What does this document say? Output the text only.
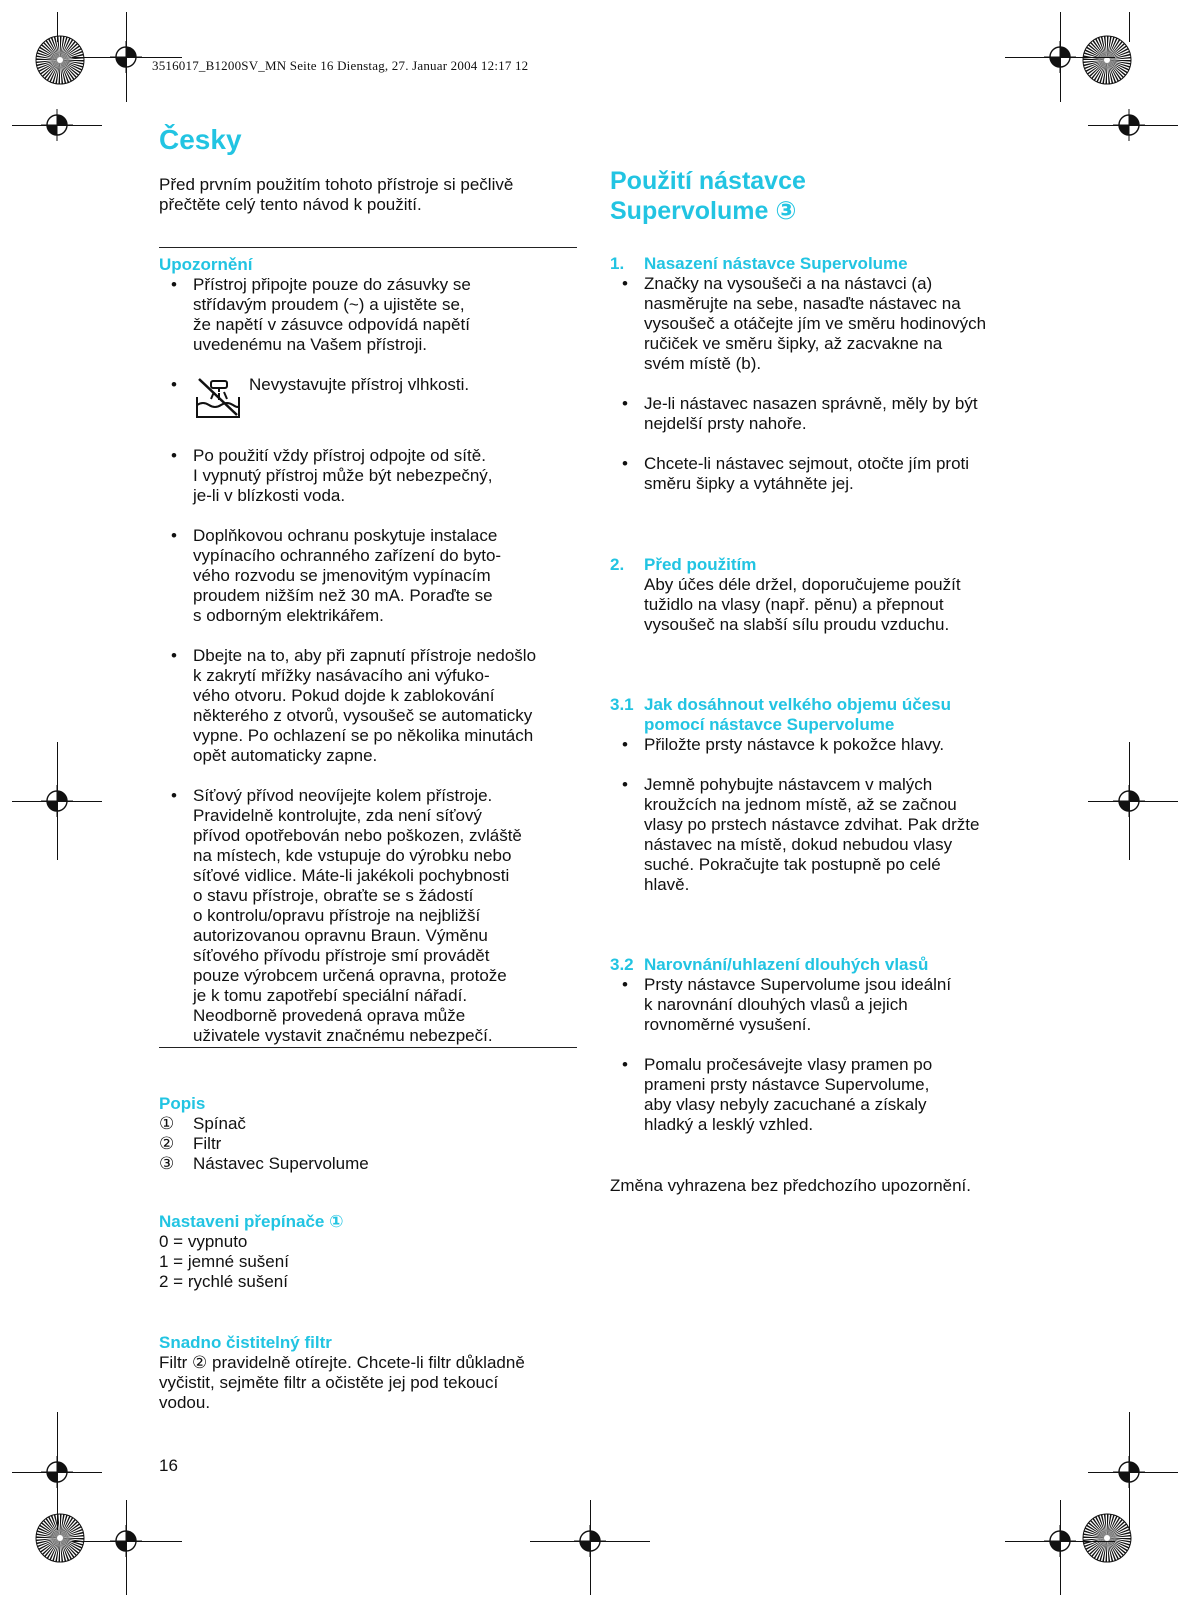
3516017_B1200SV_MN Seite 16 Dienstag, 27. Januar 2004 12:17 12
Česky
Před prvním použitím tohoto přístroje si pečlivě
přečtěte celý tento návod k použití.
Upozornění
• Přístroj připojte pouze do zásuvky se
střídavým proudem (~) a ujistěte se,
že napětí v zásuvce odpovídá napětí
uvedenému na Vašem přístroji.
• Nevystavujte přístroj vlhkosti.
• Po použití vždy přístroj odpojte od sítě.
I vypnutý přístroj může být nebezpečný,
je-li v blízkosti voda.
• Doplňkovou ochranu poskytuje instalace
vypínacího ochranného zařízení do byto-
vého rozvodu se jmenovitým vypínacím
proudem nižším než 30 mA. Poraďte se
s odborným elektrikářem.
• Dbejte na to, aby při zapnutí přístroje nedošlo
k zakrytí mřížky nasávacího ani výfuko-
vého otvoru. Pokud dojde k zablokování
některého z otvorů, vysoušeč se automaticky
vypne. Po ochlazení se po několika minutách
opět automaticky zapne.
• Síťový přívod neovíjejte kolem přístroje.
Pravidelně kontrolujte, zda není síťový
přívod opotřebován nebo poškozen, zvláště
na místech, kde vstupuje do výrobku nebo
síťové vidlice. Máte-li jakékoli pochybnosti
o stavu přístroje, obraťte se s žádostí
o kontrolu/opravu přístroje na nejbližší
autorizovanou opravnu Braun. Výměnu
síťového přívodu přístroje smí provádět
pouze výrobcem určená opravna, protože
je k tomu zapotřebí speciální nářadí.
Neodborně provedená oprava může
uživatele vystavit značnému nebezpečí.
Popis
①	Spínač
②	Filtr
③	Nástavec Supervolume
Nastaveni přepínače ①
0 = vypnuto
1 = jemné sušení
2 = rychlé sušení
Snadno čistitelný filtr
Filtr ② pravidelně otírejte. Chcete-li filtr důkladně
vyčistit, sejměte filtr a očistěte jej pod tekoucí
vodou.
16
Použití nástavce
Supervolume ③
1. Nasazení nástavce Supervolume
• Značky na vysoušeči a na nástavci (a)
nasměrujte na sebe, nasaďte nástavec na
vysoušeč a otáčejte jím ve směru hodinových
ručiček ve směru šipky, až zacvakne na
svém místě (b).
• Je-li nástavec nasazen správně, měly by být
nejdelší prsty nahoře.
• Chcete-li nástavec sejmout, otočte jím proti
směru šipky a vytáhněte jej.
2. Před použitím
Aby účes déle držel, doporučujeme použít
tužidlo na vlasy (např. pěnu) a přepnout
vysoušeč na slabší sílu proudu vzduchu.
3.1 Jak dosáhnout velkého objemu účesu
pomocí nástavce Supervolume
• Přiložte prsty nástavce k pokožce hlavy.
• Jemně pohybujte nástavcem v malých
kroužcích na jednom místě, až se začnou
vlasy po prstech nástavce zdvihat. Pak držte
nástavec na místě, dokud nebudou vlasy
suché. Pokračujte tak postupně po celé
hlavě.
3.2 Narovnání/uhlazení dlouhých vlasů
• Prsty nástavce Supervolume jsou ideální
k narovnání dlouhých vlasů a jejich
rovnoměrné vysušení.
• Pomalu pročesávejte vlasy pramen po
prameni prsty nástavce Supervolume,
aby vlasy nebyly zacuchané a získaly
hladký a lesklý vzhled.
Změna vyhrazena bez předchozího upozornění.
